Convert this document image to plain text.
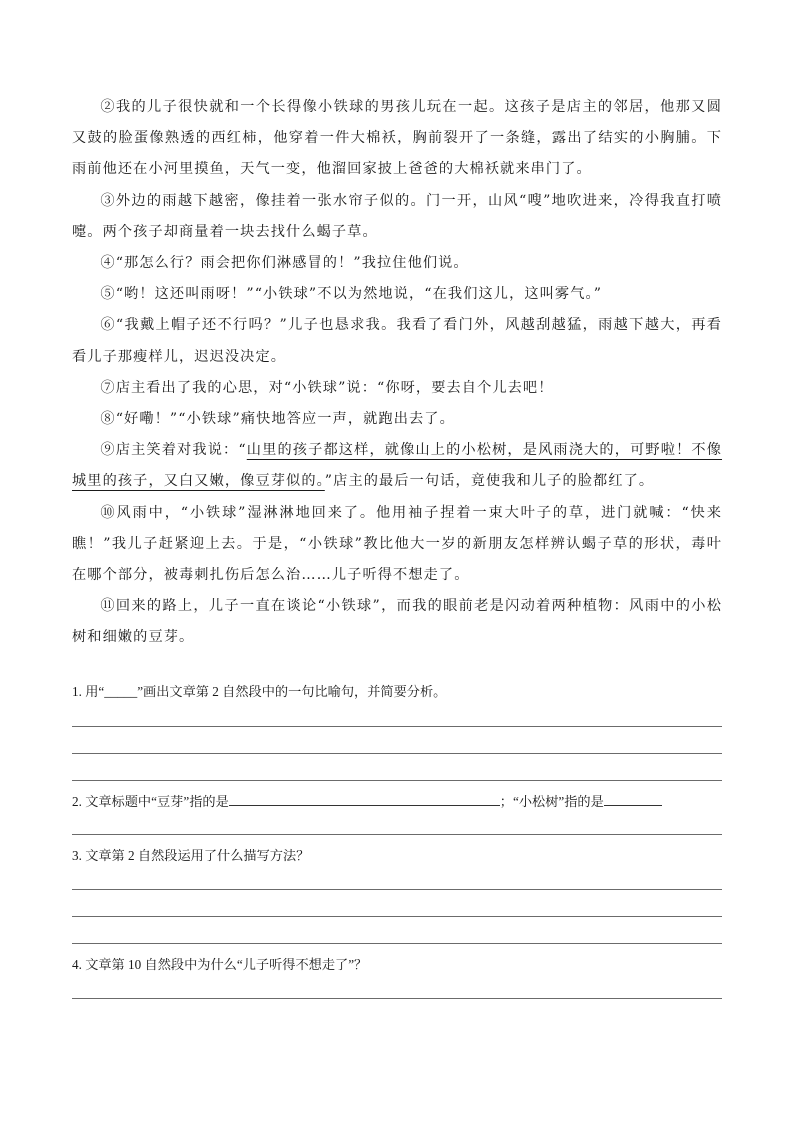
②我的儿子很快就和一个长得像小铁球的男孩儿玩在一起。这孩子是店主的邻居，他那又圆又鼓的脸蛋像熟透的西红柿，他穿着一件大棉袄，胸前裂开了一条缝，露出了结实的小胸脯。下雨前他还在小河里摸鱼，天气一变，他溜回家披上爸爸的大棉袄就来串门了。

③外边的雨越下越密，像挂着一张水帘子似的。门一开，山风“嗖”地吹进来，冷得我直打喷嚏。两个孩子却商量着一块去找什么蝎子草。

④“那怎么行？雨会把你们淋感冒的！”我拉住他们说。

⑤“哟！这还叫雨呀！”“小铁球”不以为然地说，“在我们这儿，这叫雾气。”

⑥“我戴上帽子还不行吗？”儿子也恳求我。我看了看门外，风越刮越猛，雨越下越大，再看看儿子那瘦样儿，迟迟没决定。

⑦店主看出了我的心思，对“小铁球”说：“你呀，要去自个儿去吧！

⑧“好嘞！”“小铁球”痛快地答应一声，就跑出去了。

⑨店主笑着对我说：“山里的孩子都这样，就像山上的小松树，是风雨浇大的，可野啦！不像城里的孩子，又白又嫩，像豆芽似的。”店主的最后一句话，竟使我和儿子的脸都红了。

⑩风雨中，“小铁球”湿淋淋地回来了。他用袖子捏着一束大叶子的草，进门就喊：“快来瞧！”我儿子赶紧迎上去。于是，“小铁球”教比他大一岁的新朋友怎样辨认蝎子草的形状，毒叶在哪个部分，被毒刺扎伤后怎么治……儿子听得不想走了。

⑪回来的路上，儿子一直在谈论“小铁球”，而我的眼前老是闪动着两种植物：风雨中的小松树和细嫩的豆芽。

1. 用“_____”画出文章第 2 自然段中的一句比喻句，并简要分析。
2. 文章标题中“豆芽”指的是	；“小松树”指的是
3. 文章第 2 自然段运用了什么描写方法？
4. 文章第 10 自然段中为什么“儿子听得不想走了”？
